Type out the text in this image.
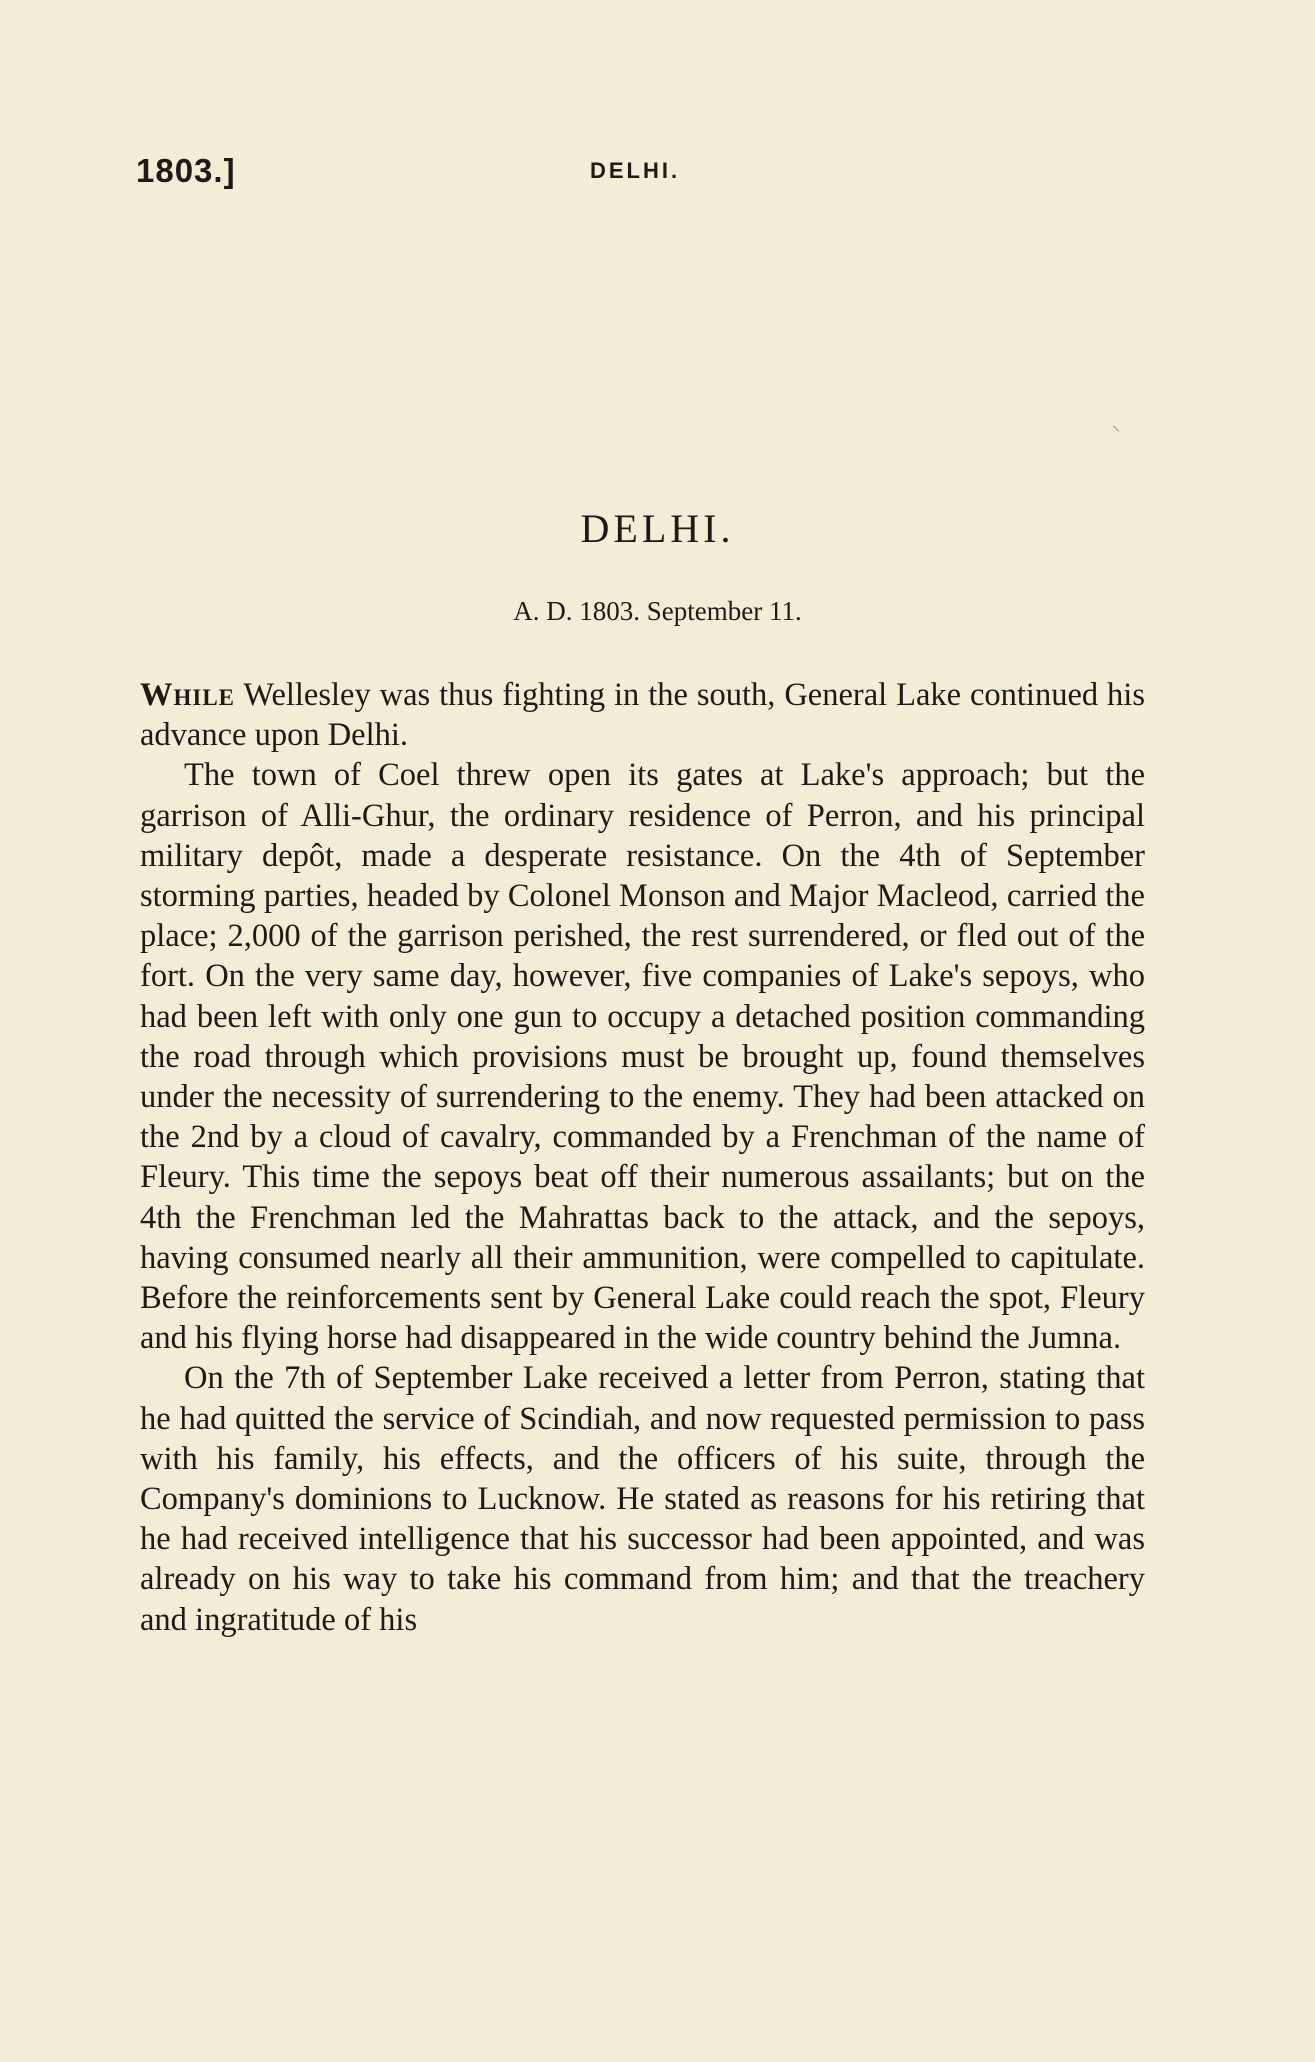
1803.]	DELHI.
⸌
DELHI.
A. D. 1803. September 11.

While Wellesley was thus fighting in the south, General Lake continued his advance upon Delhi.

The town of Coel threw open its gates at Lake's approach; but the garrison of Alli-Ghur, the ordinary residence of Perron, and his principal military depôt, made a desperate resistance. On the 4th of September storming parties, headed by Colonel Monson and Major Macleod, carried the place; 2,000 of the garrison perished, the rest surrendered, or fled out of the fort. On the very same day, however, five companies of Lake's sepoys, who had been left with only one gun to occupy a detached position commanding the road through which provisions must be brought up, found themselves under the necessity of surrendering to the enemy. They had been attacked on the 2nd by a cloud of cavalry, commanded by a Frenchman of the name of Fleury. This time the sepoys beat off their numerous assailants; but on the 4th the Frenchman led the Mahrattas back to the attack, and the sepoys, having consumed nearly all their ammunition, were compelled to capitulate. Before the reinforcements sent by General Lake could reach the spot, Fleury and his flying horse had disappeared in the wide country behind the Jumna.

On the 7th of September Lake received a letter from Perron, stating that he had quitted the service of Scindiah, and now requested permission to pass with his family, his effects, and the officers of his suite, through the Company's dominions to Lucknow. He stated as reasons for his retiring that he had received intelligence that his successor had been appointed, and was already on his way to take his command from him; and that the treachery and ingratitude of his
